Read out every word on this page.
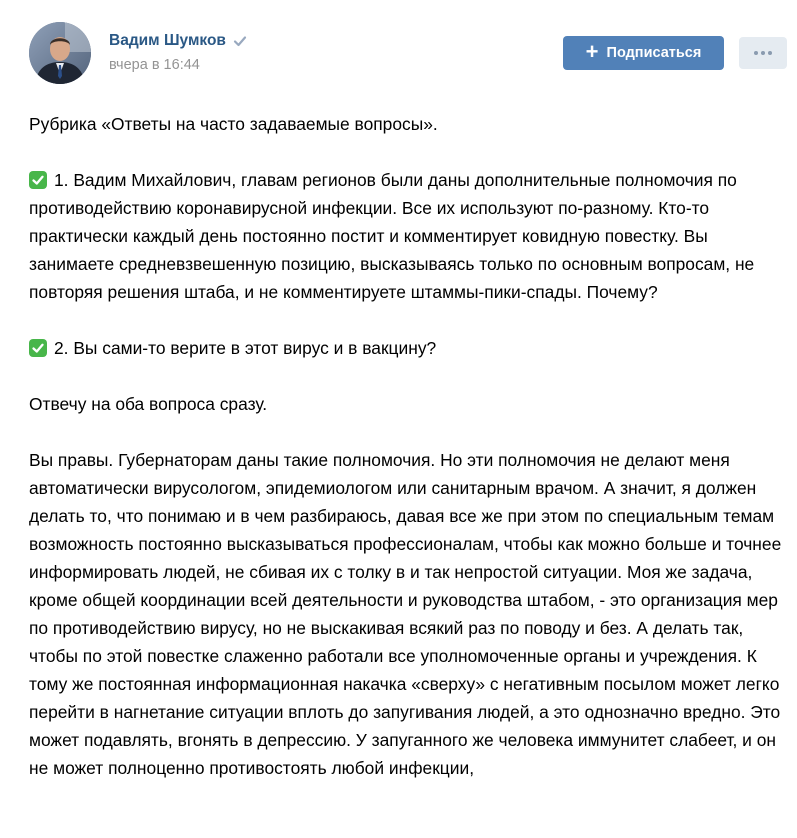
Вадим Шумков
вчера в 16:44
+ Подписаться

Рубрика «Ответы на часто задаваемые вопросы».

1. Вадим Михайлович, главам регионов были даны дополнительные полномочия по противодействию коронавирусной инфекции. Все их используют по-разному. Кто-то практически каждый день постоянно постит и комментирует ковидную повестку. Вы занимаете средневзвешенную позицию, высказываясь только по основным вопросам, не повторяя решения штаба, и не комментируете штаммы-пики-спады. Почему?

2. Вы сами-то верите в этот вирус и в вакцину?

Отвечу на оба вопроса сразу.

Вы правы. Губернаторам даны такие полномочия. Но эти полномочия не делают меня автоматически вирусологом, эпидемиологом или санитарным врачом. А значит, я должен делать то, что понимаю и в чем разбираюсь, давая все же при этом по специальным темам возможность постоянно высказываться профессионалам, чтобы как можно больше и точнее информировать людей, не сбивая их с толку в и так непростой ситуации. Моя же задача, кроме общей координации всей деятельности и руководства штабом, - это организация мер по противодействию вирусу, но не выскакивая всякий раз по поводу и без. А делать так, чтобы по этой повестке слаженно работали все уполномоченные органы и учреждения. К тому же постоянная информационная накачка «сверху» с негативным посылом может легко перейти в нагнетание ситуации вплоть до запугивания людей, а это однозначно вредно. Это может подавлять, вгонять в депрессию. У запуганного же человека иммунитет слабеет, и он не может полноценно противостоять любой инфекции,
